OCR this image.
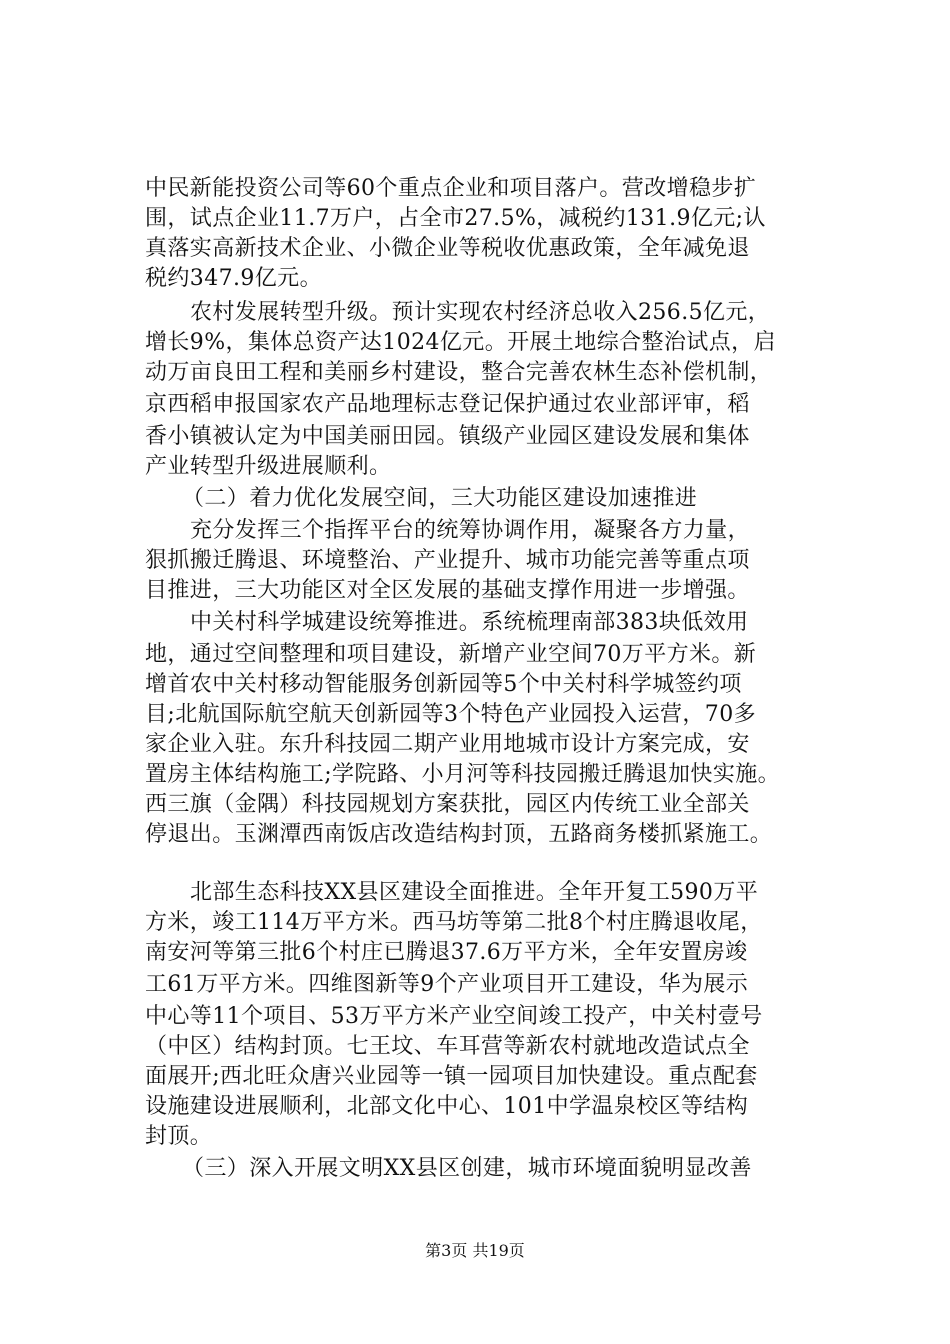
中民新能投资公司等60个重点企业和项目落户。营改增稳步扩
围，试点企业11.7万户，占全市27.5%，减税约131.9亿元;认
真落实高新技术企业、小微企业等税收优惠政策，全年减免退
税约347.9亿元。
农村发展转型升级。预计实现农村经济总收入256.5亿元，
增长9%，集体总资产达1024亿元。开展土地综合整治试点，启
动万亩良田工程和美丽乡村建设，整合完善农林生态补偿机制，
京西稻申报国家农产品地理标志登记保护通过农业部评审，稻
香小镇被认定为中国美丽田园。镇级产业园区建设发展和集体
产业转型升级进展顺利。
（二）着力优化发展空间，三大功能区建设加速推进
充分发挥三个指挥平台的统筹协调作用，凝聚各方力量，
狠抓搬迁腾退、环境整治、产业提升、城市功能完善等重点项
目推进，三大功能区对全区发展的基础支撑作用进一步增强。
中关村科学城建设统筹推进。系统梳理南部383块低效用
地，通过空间整理和项目建设，新增产业空间70万平方米。新
增首农中关村移动智能服务创新园等5个中关村科学城签约项
目;北航国际航空航天创新园等3个特色产业园投入运营，70多
家企业入驻。东升科技园二期产业用地城市设计方案完成，安
置房主体结构施工;学院路、小月河等科技园搬迁腾退加快实施。
西三旗（金隅）科技园规划方案获批，园区内传统工业全部关
停退出。玉渊潭西南饭店改造结构封顶，五路商务楼抓紧施工。
北部生态科技XX县区建设全面推进。全年开复工590万平
方米，竣工114万平方米。西马坊等第二批8个村庄腾退收尾，
南安河等第三批6个村庄已腾退37.6万平方米，全年安置房竣
工61万平方米。四维图新等9个产业项目开工建设，华为展示
中心等11个项目、53万平方米产业空间竣工投产，中关村壹号
（中区）结构封顶。七王坟、车耳营等新农村就地改造试点全
面展开;西北旺众唐兴业园等一镇一园项目加快建设。重点配套
设施建设进展顺利，北部文化中心、101中学温泉校区等结构
封顶。
（三）深入开展文明XX县区创建，城市环境面貌明显改善
第3页 共19页
